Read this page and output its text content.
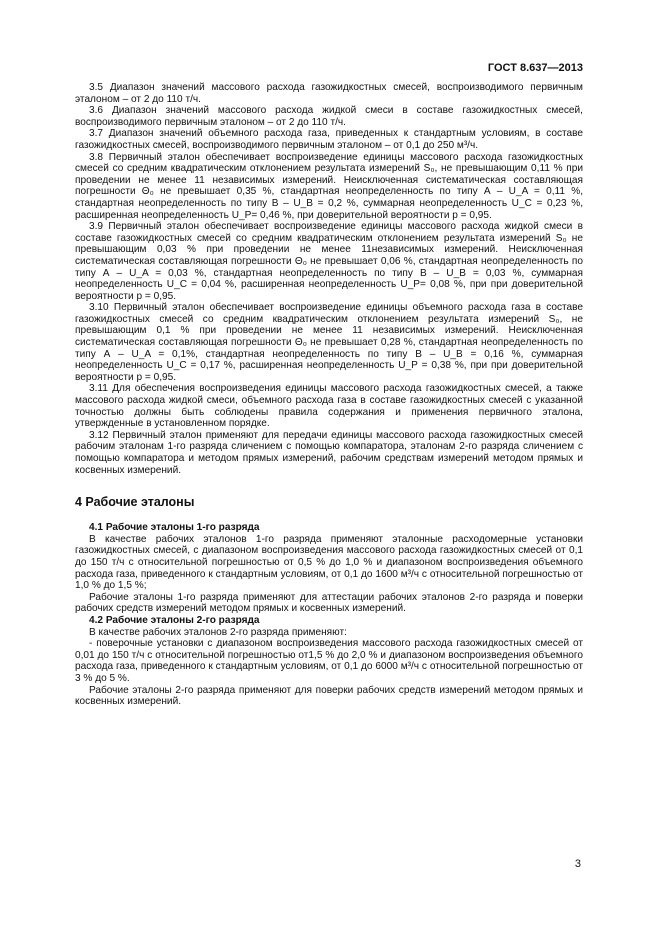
ГОСТ 8.637—2013

3.5 Диапазон значений массового расхода газожидкостных смесей, воспроизводимого первичным эталоном – от 2 до 110 т/ч.

3.6 Диапазон значений массового расхода жидкой смеси в составе газожидкостных смесей, воспроизводимого первичным эталоном – от 2 до 110 т/ч.

3.7 Диапазон значений объемного расхода газа, приведенных к стандартным условиям, в составе газожидкостных смесей, воспроизводимого первичным эталоном – от 0,1 до 250 м³/ч.

3.8 Первичный эталон обеспечивает воспроизведение единицы массового расхода газожидкостных смесей со средним квадратическим отклонением результата измерений S₀, не превышающим 0,11 % при проведении не менее 11 независимых измерений. Неисключенная систематическая составляющая погрешности Θ₀ не превышает 0,35 %, стандартная неопределенность по типу А – U_A = 0,11 %, стандартная неопределенность по типу В – U_B = 0,2 %, суммарная неопределенность U_C = 0,23 %, расширенная неопределенность U_P= 0,46 %, при доверительной вероятности р = 0,95.

3.9 Первичный эталон обеспечивает воспроизведение единицы массового расхода жидкой смеси в составе газожидкостных смесей со средним квадратическим отклонением результата измерений S₀ не превышающим 0,03 % при проведении не менее 11независимых измерений. Неисключенная систематическая составляющая погрешности Θ₀ не превышает 0,06 %, стандартная неопределенность по типу А – U_A = 0,03 %, стандартная неопределенность по типу В – U_B = 0,03 %, суммарная неопределенность U_C = 0,04 %, расширенная неопределенность U_P= 0,08 %, при при доверительной вероятности р = 0,95.

3.10 Первичный эталон обеспечивает воспроизведение единицы объемного расхода газа в составе газожидкостных смесей со средним квадратическим отклонением результата измерений S₀, не превышающим 0,1 % при проведении не менее 11 независимых измерений. Неисключенная систематическая составляющая погрешности Θ₀ не превышает 0,28 %, стандартная неопределенность по типу А – U_A = 0,1%, стандартная неопределенность по типу В – U_B = 0,16 %, суммарная неопределенность U_C = 0,17 %, расширенная неопределенность U_P = 0,38 %, при при доверительной вероятности р = 0,95.

3.11 Для обеспечения воспроизведения единицы массового расхода газожидкостных смесей, а также массового расхода жидкой смеси, объемного расхода газа в составе газожидкостных смесей с указанной точностью должны быть соблюдены правила содержания и применения первичного эталона, утвержденные в установленном порядке.

3.12 Первичный эталон применяют для передачи единицы массового расхода газожидкостных смесей рабочим эталонам 1-го разряда сличением с помощью компаратора, эталонам 2-го разряда сличением с помощью компаратора и методом прямых измерений, рабочим средствам измерений методом прямых и косвенных измерений.

4 Рабочие эталоны

4.1 Рабочие эталоны 1-го разряда

В качестве рабочих эталонов 1-го разряда применяют эталонные расходомерные установки газожидкостных смесей, с диапазоном воспроизведения массового расхода газожидкостных смесей от 0,1 до 150 т/ч с относительной погрешностью от 0,5 % до 1,0 % и диапазоном воспроизведения объемного расхода газа, приведенного к стандартным условиям, от 0,1 до 1600 м³/ч с относительной погрешностью от 1,0 % до 1,5 %;

Рабочие эталоны 1-го разряда применяют для аттестации рабочих эталонов 2-го разряда и поверки рабочих средств измерений методом прямых и косвенных измерений.

4.2 Рабочие эталоны 2-го разряда

В качестве рабочих эталонов 2-го разряда применяют:

- поверочные установки с диапазоном воспроизведения массового расхода газожидкостных смесей от 0,01 до 150 т/ч с относительной погрешностью от1,5 % до 2,0 % и диапазоном воспроизведения объемного расхода газа, приведенного к стандартным условиям, от 0,1 до 6000 м³/ч с относительной погрешностью от 3 % до 5 %.

Рабочие эталоны 2-го разряда применяют для поверки рабочих средств измерений методом прямых и косвенных измерений.

3
